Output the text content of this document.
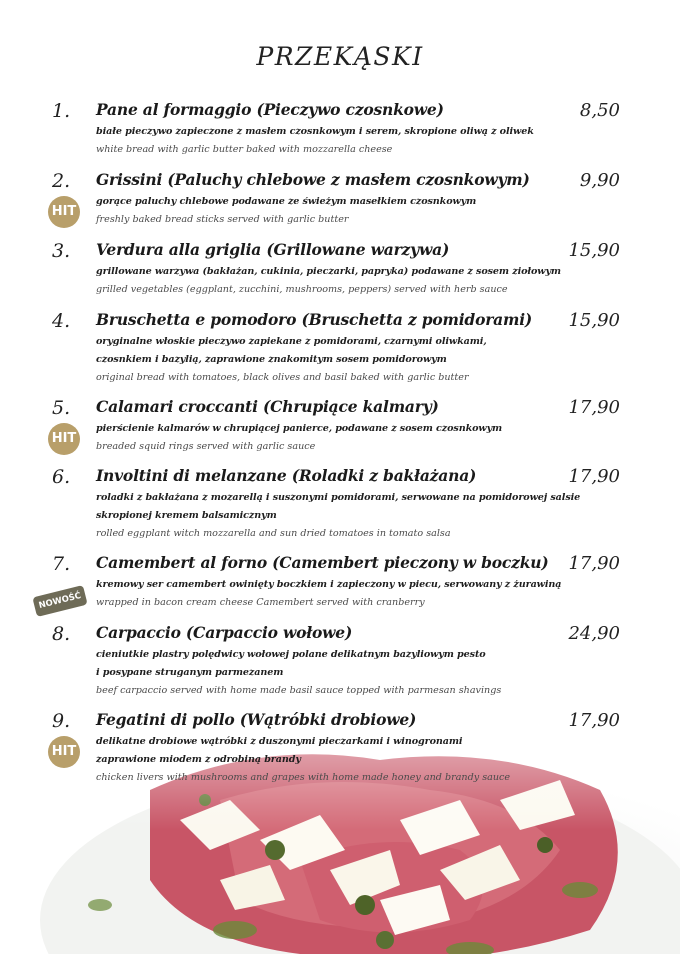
PRZEKĄSKI
1. Pane al formaggio (Pieczywo czosnkowe)	8,50
białe pieczywo zapieczone z masłem czosnkowym i serem, skropione oliwą z oliwek
white bread with garlic butter baked with mozzarella cheese
2. Grissini (Paluchy chlebowe z masłem czosnkowym)	9,90
HIT
gorące paluchy chlebowe podawane ze świeżym masełkiem czosnkowym
freshly baked bread sticks served with garlic butter
3. Verdura alla griglia (Grillowane warzywa)	15,90
grillowane warzywa (bakłażan, cukinia, pieczarki, papryka) podawane z sosem ziołowym
grilled vegetables (eggplant, zucchini, mushrooms, peppers) served with herb sauce
4. Bruschetta e pomodoro (Bruschetta z pomidorami)	15,90
oryginalne włoskie pieczywo zapiekane z pomidorami, czarnymi oliwkami,
czosnkiem i bazylią, zaprawione znakomitym sosem pomidorowym
original bread with tomatoes, black olives and basil baked with garlic butter
5. Calamari croccanti (Chrupiące kalmary)	17,90
HIT
pierścienie kalmarów w chrupiącej panierce, podawane z sosem czosnkowym
breaded squid rings served with garlic sauce
6. Involtini di melanzane (Roladki z bakłażana)	17,90
roladki z bakłażana z mozarellą i suszonymi pomidorami, serwowane na pomidorowej salsie
skropionej kremem balsamicznym
rolled eggplant witch mozzarella and sun dried tomatoes in tomato salsa
7. Camembert al forno (Camembert pieczony w boczku)	17,90
NOWOŚĆ
kremowy ser camembert owinięty boczkiem i zapieczony w piecu, serwowany z żurawiną
wrapped in bacon cream cheese Camembert served with cranberry
8. Carpaccio (Carpaccio wołowe)	24,90
cieniutkie plastry polędwicy wołowej polane delikatnym bazyliowym pesto
i posypane struganym parmezanem
beef carpaccio served with home made basil sauce topped with parmesan shavings
9. Fegatini di pollo (Wątróbki drobiowe)	17,90
HIT
delikatne drobiowe wątróbki z duszonymi pieczarkami i winogronami
zaprawione miodem z odrobiną brandy
chicken livers with mushrooms and grapes with home made honey and brandy sauce
